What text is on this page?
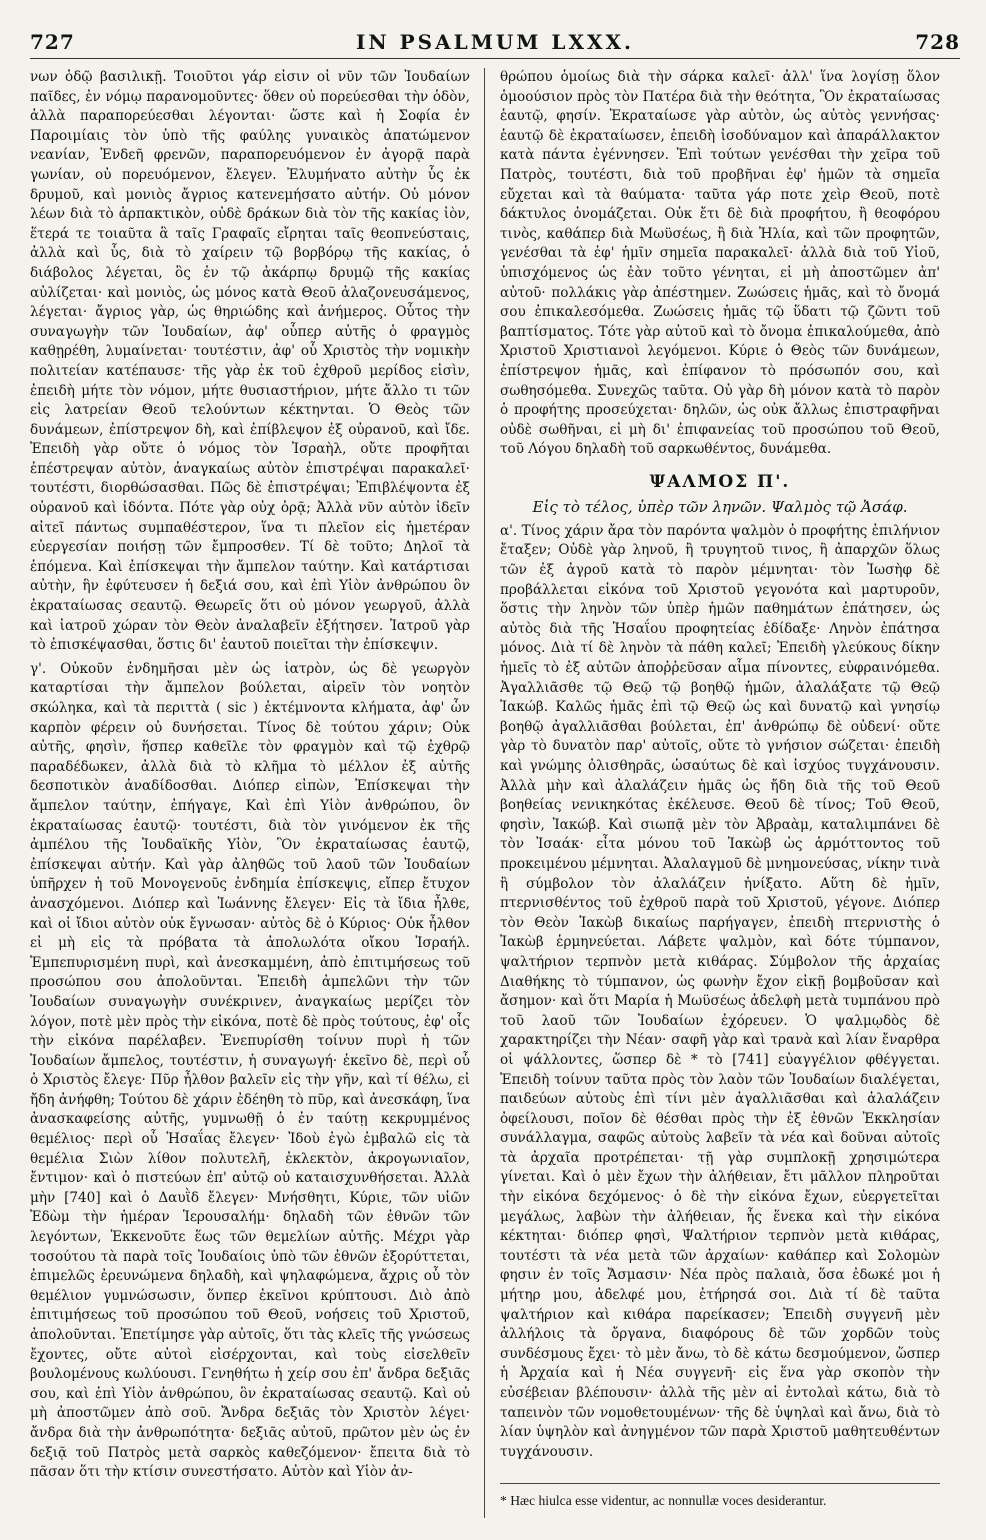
727	IN PSALMUM LXXX.	728

νων ὁδῷ βασιλικῇ. Τοιοῦτοι γάρ εἰσιν οἱ νῦν τῶν Ἰουδαίων παῖδες, ἐν νόμῳ παρανομοῦντες· ὅθεν οὐ πορεύεσθαι τὴν ὁδὸν, ἀλλὰ παραπορεύεσθαι λέγονται· ὥστε καὶ ἡ Σοφία ἐν Παροιμίαις τὸν ὑπὸ τῆς φαύλης γυναικὸς ἀπατώμενον νεανίαν, Ἐνδεῆ φρενῶν, παραπορευόμενον ἐν ἀγορᾷ παρὰ γωνίαν, οὐ πορευόμενον, ἔλεγεν. Ἐλυμήνατο αὐτὴν ὗς ἐκ δρυμοῦ, καὶ μονιὸς ἄγριος κατενεμήσατο αὐτήν. Οὐ μόνον λέων διὰ τὸ ἁρπακτικὸν, οὐδὲ δράκων διὰ τὸν τῆς κακίας ἰὸν, ἕτερά τε τοιαῦτα ἃ ταῖς Γραφαῖς εἴρηται ταῖς θεοπνεύσταις, ἀλλὰ καὶ ὗς, διὰ τὸ χαίρειν τῷ βορβόρῳ τῆς κακίας, ὁ διάβολος λέγεται, ὃς ἐν τῷ ἀκάρπῳ δρυμῷ τῆς κακίας αὐλίζεται· καὶ μονιὸς, ὡς μόνος κατὰ Θεοῦ ἀλαζονευσάμενος, λέγεται· ἄγριος γὰρ, ὡς θηριώδης καὶ ἀνήμερος. Οὗτος τὴν συναγωγὴν τῶν Ἰουδαίων, ἀφ' οὗπερ αὐτῆς ὁ φραγμὸς καθῃρέθη, λυμαίνεται· τουτέστιν, ἀφ' οὗ Χριστὸς τὴν νομικὴν πολιτείαν κατέπαυσε· τῆς γὰρ ἐκ τοῦ ἐχθροῦ μερίδος εἰσὶν, ἐπειδὴ μήτε τὸν νόμον, μήτε θυσιαστήριον, μήτε ἄλλο τι τῶν εἰς λατρείαν Θεοῦ τελούντων κέκτηνται. Ὁ Θεὸς τῶν δυνάμεων, ἐπίστρεψον δὴ, καὶ ἐπίβλεψον ἐξ οὐρανοῦ, καὶ ἴδε. Ἐπειδὴ γὰρ οὔτε ὁ νόμος τὸν Ἰσραὴλ, οὔτε προφῆται ἐπέστρεψαν αὐτὸν, ἀναγκαίως αὐτὸν ἐπιστρέψαι παρακαλεῖ· τουτέστι, διορθώσασθαι. Πῶς δὲ ἐπιστρέψαι; Ἐπιβλέψοντα ἐξ οὐρανοῦ καὶ ἰδόντα. Πότε γὰρ οὐχ ὁρᾷ; Ἀλλὰ νῦν αὐτὸν ἰδεῖν αἰτεῖ πάντως συμπαθέστερον, ἵνα τι πλεῖον εἰς ἡμετέραν εὐεργεσίαν ποιήσῃ τῶν ἔμπροσθεν. Τί δὲ τοῦτο; Δηλοῖ τὰ ἑπόμενα. Καὶ ἐπίσκεψαι τὴν ἄμπελον ταύτην. Καὶ κατάρτισαι αὐτὴν, ἣν ἐφύτευσεν ἡ δεξιά σου, καὶ ἐπὶ Υἱὸν ἀνθρώπου ὃν ἐκραταίωσας σεαυτῷ. Θεωρεῖς ὅτι οὐ μόνον γεωργοῦ, ἀλλὰ καὶ ἰατροῦ χώραν τὸν Θεὸν ἀναλαβεῖν ἐξήτησεν. Ἰατροῦ γὰρ τὸ ἐπισκέψασθαι, ὅστις δι' ἑαυτοῦ ποιεῖται τὴν ἐπίσκεψιν.

γ'. Οὐκοῦν ἐνδημῆσαι μὲν ὡς ἰατρὸν, ὡς δὲ γεωργὸν καταρτίσαι τὴν ἄμπελον βούλεται, αἱρεῖν τὸν νοητὸν σκώληκα, καὶ τὰ περιττὰ ( sic ) ἐκτέμνοντα κλήματα, ἀφ' ὧν καρπὸν φέρειν οὐ δυνήσεται. Τίνος δὲ τούτου χάριν; Οὐκ αὐτῆς, φησὶν, ἥσπερ καθεῖλε τὸν φραγμὸν καὶ τῷ ἐχθρῷ παραδέδωκεν, ἀλλὰ διὰ τὸ κλῆμα τὸ μέλλον ἐξ αὐτῆς δεσποτικὸν ἀναδίδοσθαι. Διόπερ εἰπὼν, Ἐπίσκεψαι τὴν ἄμπελον ταύτην, ἐπήγαγε, Καὶ ἐπὶ Υἱὸν ἀνθρώπου, ὃν ἐκραταίωσας ἑαυτῷ· τουτέστι, διὰ τὸν γινόμενον ἐκ τῆς ἀμπέλου τῆς Ἰουδαϊκῆς Υἱὸν, Ὃν ἐκραταίωσας ἑαυτῷ, ἐπίσκεψαι αὐτήν. Καὶ γὰρ ἀληθῶς τοῦ λαοῦ τῶν Ἰουδαίων ὑπῆρχεν ἡ τοῦ Μονογενοῦς ἐνδημία ἐπίσκεψις, εἴπερ ἔτυχον ἀνασχόμενοι. Διόπερ καὶ Ἰωάννης ἔλεγεν· Εἰς τὰ ἴδια ἦλθε, καὶ οἱ ἴδιοι αὐτὸν οὐκ ἔγνωσαν· αὐτὸς δὲ ὁ Κύριος· Οὐκ ἦλθον εἰ μὴ εἰς τὰ πρόβατα τὰ ἀπολωλότα οἴκου Ἰσραήλ. Ἐμπεπυρισμένη πυρὶ, καὶ ἀνεσκαμμένη, ἀπὸ ἐπιτιμήσεως τοῦ προσώπου σου ἀπολοῦνται. Ἐπειδὴ ἀμπελῶνι τὴν τῶν Ἰουδαίων συναγωγὴν συνέκρινεν, ἀναγκαίως μερίζει τὸν λόγον, ποτὲ μὲν πρὸς τὴν εἰκόνα, ποτὲ δὲ πρὸς τούτους, ἐφ' οἷς τὴν εἰκόνα παρέλαβεν. Ἐνεπυρίσθη τοίνυν πυρὶ ἡ τῶν Ἰουδαίων ἄμπελος, τουτέστιν, ἡ συναγωγή· ἐκεῖνο δὲ, περὶ οὗ ὁ Χριστὸς ἔλεγε· Πῦρ ἦλθον βαλεῖν εἰς τὴν γῆν, καὶ τί θέλω, εἰ ἤδη ἀνήφθη; Τούτου δὲ χάριν ἐδέηθη τὸ πῦρ, καὶ ἀνεσκάφη, ἵνα ἀνασκαφείσης αὐτῆς, γυμνωθῇ ὁ ἐν ταύτῃ κεκρυμμένος θεμέλιος· περὶ οὗ Ἡσαΐας ἔλεγεν· Ἰδοὺ ἐγὼ ἐμβαλῶ εἰς τὰ θεμέλια Σιὼν λίθον πολυτελῆ, ἐκλεκτὸν, ἀκρογωνιαῖον, ἔντιμον· καὶ ὁ πιστεύων ἐπ' αὐτῷ οὐ καταισχυνθήσεται. Ἀλλὰ μὴν [740] καὶ ὁ Δαυῒδ ἔλεγεν· Μνήσθητι, Κύριε, τῶν υἱῶν Ἐδὼμ τὴν ἡμέραν Ἱερουσαλήμ· δηλαδὴ τῶν ἐθνῶν τῶν λεγόντων, Ἐκκενοῦτε ἕως τῶν θεμελίων αὐτῆς. Μέχρι γὰρ τοσούτου τὰ παρὰ τοῖς Ἰουδαίοις ὑπὸ τῶν ἐθνῶν ἐξορύττεται, ἐπιμελῶς ἐρευνώμενα δηλαδὴ, καὶ ψηλαφώμενα, ἄχρις οὗ τὸν θεμέλιον γυμνώσωσιν, ὅνπερ ἐκεῖνοι κρύπτουσι. Διὸ ἀπὸ ἐπιτιμήσεως τοῦ προσώπου τοῦ Θεοῦ, νοήσεις τοῦ Χριστοῦ, ἀπολοῦνται. Ἐπετίμησε γὰρ αὐτοῖς, ὅτι τὰς κλεῖς τῆς γνώσεως ἔχοντες, οὔτε αὐτοὶ εἰσέρχονται, καὶ τοὺς εἰσελθεῖν βουλομένους κωλύουσι. Γενηθήτω ἡ χείρ σου ἐπ' ἄνδρα δεξιᾶς σου, καὶ ἐπὶ Υἱὸν ἀνθρώπου, ὃν ἐκραταίωσας σεαυτῷ. Καὶ οὐ μὴ ἀποστῶμεν ἀπὸ σοῦ. Ἄνδρα δεξιᾶς τὸν Χριστὸν λέγει· ἄνδρα διὰ τὴν ἀνθρωπότητα· δεξιᾶς αὐτοῦ, πρῶτον μὲν ὡς ἐν δεξιᾷ τοῦ Πατρὸς μετὰ σαρκὸς καθεζόμενον· ἔπειτα διὰ τὸ πᾶσαν ὅτι τὴν κτίσιν συνεστήσατο. Αὐτὸν καὶ Υἱὸν ἀν-

θρώπου ὁμοίως διὰ τὴν σάρκα καλεῖ· ἀλλ' ἵνα λογίσῃ ὅλον ὁμοούσιον πρὸς τὸν Πατέρα διὰ τὴν θεότητα, Ὃν ἐκραταίωσας ἑαυτῷ, φησίν. Ἐκραταίωσε γὰρ αὐτὸν, ὡς αὐτὸς γεννήσας· ἑαυτῷ δὲ ἐκραταίωσεν, ἐπειδὴ ἰσοδύναμον καὶ ἀπαράλλακτον κατὰ πάντα ἐγέννησεν. Ἐπὶ τούτων γενέσθαι τὴν χεῖρα τοῦ Πατρὸς, τουτέστι, διὰ τοῦ προβῆναι ἐφ' ἡμῶν τὰ σημεῖα εὔχεται καὶ τὰ θαύματα· ταῦτα γάρ ποτε χεὶρ Θεοῦ, ποτὲ δάκτυλος ὀνομάζεται. Οὐκ ἔτι δὲ διὰ προφήτου, ἢ θεοφόρου τινὸς, καθάπερ διὰ Μωϋσέως, ἢ διὰ Ἠλία, καὶ τῶν προφητῶν, γενέσθαι τὰ ἐφ' ἡμῖν σημεῖα παρακαλεῖ· ἀλλὰ διὰ τοῦ Υἱοῦ, ὑπισχόμενος ὡς ἐὰν τοῦτο γένηται, εἰ μὴ ἀποστῶμεν ἀπ' αὐτοῦ· πολλάκις γὰρ ἀπέστημεν. Ζωώσεις ἡμᾶς, καὶ τὸ ὄνομά σου ἐπικαλεσόμεθα. Ζωώσεις ἡμᾶς τῷ ὕδατι τῷ ζῶντι τοῦ βαπτίσματος. Τότε γὰρ αὐτοῦ καὶ τὸ ὄνομα ἐπικαλούμεθα, ἀπὸ Χριστοῦ Χριστιανοὶ λεγόμενοι. Κύριε ὁ Θεὸς τῶν δυνάμεων, ἐπίστρεψον ἡμᾶς, καὶ ἐπίφανον τὸ πρόσωπόν σου, καὶ σωθησόμεθα. Συνεχῶς ταῦτα. Οὐ γὰρ δὴ μόνον κατὰ τὸ παρὸν ὁ προφήτης προσεύχεται· δηλῶν, ὡς οὐκ ἄλλως ἐπιστραφῆναι οὐδὲ σωθῆναι, εἰ μὴ δι' ἐπιφανείας τοῦ προσώπου τοῦ Θεοῦ, τοῦ Λόγου δηλαδὴ τοῦ σαρκωθέντος, δυνάμεθα.

ΨΑΛΜΟΣ Π'.
Εἰς τὸ τέλος, ὑπὲρ τῶν ληνῶν. Ψαλμὸς τῷ Ἀσάφ.

α'. Τίνος χάριν ἄρα τὸν παρόντα ψαλμὸν ὁ προφήτης ἐπιλήνιον ἔταξεν; Οὐδὲ γὰρ ληνοῦ, ἢ τρυγητοῦ τινος, ἢ ἀπαρχῶν ὅλως τῶν ἐξ ἀγροῦ κατὰ τὸ παρὸν μέμνηται· τὸν Ἰωσὴφ δὲ προβάλλεται εἰκόνα τοῦ Χριστοῦ γεγονότα καὶ μαρτυροῦν, ὅστις τὴν ληνὸν τῶν ὑπὲρ ἡμῶν παθημάτων ἐπάτησεν, ὡς αὐτὸς διὰ τῆς Ἡσαΐου προφητείας ἐδίδαξε· Ληνὸν ἐπάτησα μόνος. Διὰ τί δὲ ληνὸν τὰ πάθη καλεῖ; Ἐπειδὴ γλεύκους δίκην ἡμεῖς τὸ ἐξ αὐτῶν ἀποῤῥεῦσαν αἷμα πίνοντες, εὐφραινόμεθα. Ἀγαλλιᾶσθε τῷ Θεῷ τῷ βοηθῷ ἡμῶν, ἀλαλάξατε τῷ Θεῷ Ἰακώβ. Καλῶς ἡμᾶς ἐπὶ τῷ Θεῷ ὡς καὶ δυνατῷ καὶ γνησίῳ βοηθῷ ἀγαλλιᾶσθαι βούλεται, ἐπ' ἀνθρώπῳ δὲ οὐδενί· οὔτε γὰρ τὸ δυνατὸν παρ' αὐτοῖς, οὔτε τὸ γνήσιον σώζεται· ἐπειδὴ καὶ γνώμης ὀλισθηρᾶς, ὡσαύτως δὲ καὶ ἰσχύος τυγχάνουσιν. Ἀλλὰ μὴν καὶ ἀλαλάζειν ἡμᾶς ὡς ἤδη διὰ τῆς τοῦ Θεοῦ βοηθείας νενικηκότας ἐκέλευσε. Θεοῦ δὲ τίνος; Τοῦ Θεοῦ, φησὶν, Ἰακώβ. Καὶ σιωπᾷ μὲν τὸν Ἀβραὰμ, καταλιμπάνει δὲ τὸν Ἰσαάκ· εἶτα μόνου τοῦ Ἰακὼβ ὡς ἁρμόττοντος τοῦ προκειμένου μέμνηται. Ἀλαλαγμοῦ δὲ μνημονεύσας, νίκην τινὰ ἢ σύμβολον τὸν ἀλαλάζειν ἠνίξατο. Αὕτη δὲ ἡμῖν, πτερνισθέντος τοῦ ἐχθροῦ παρὰ τοῦ Χριστοῦ, γέγονε. Διόπερ τὸν Θεὸν Ἰακὼβ δικαίως παρήγαγεν, ἐπειδὴ πτερνιστὴς ὁ Ἰακὼβ ἑρμηνεύεται. Λάβετε ψαλμὸν, καὶ δότε τύμπανον, ψαλτήριον τερπνὸν μετὰ κιθάρας. Σύμβολον τῆς ἀρχαίας Διαθήκης τὸ τύμπανον, ὡς φωνὴν ἔχον εἰκῇ βομβοῦσαν καὶ ἄσημον· καὶ ὅτι Μαρία ἡ Μωϋσέως ἀδελφὴ μετὰ τυμπάνου πρὸ τοῦ λαοῦ τῶν Ἰουδαίων ἐχόρευεν. Ὁ ψαλμῳδὸς δὲ χαρακτηρίζει τὴν Νέαν· σαφῆ γὰρ καὶ τρανὰ καὶ λίαν ἔναρθρα οἱ ψάλλοντες, ὥσπερ δὲ * τὸ [741] εὐαγγέλιον φθέγγεται. Ἐπειδὴ τοίνυν ταῦτα πρὸς τὸν λαὸν τῶν Ἰουδαίων διαλέγεται, παιδεύων αὐτοὺς ἐπὶ τίνι μὲν ἀγαλλιᾶσθαι καὶ ἀλαλάζειν ὀφείλουσι, ποῖον δὲ θέσθαι πρὸς τὴν ἐξ ἐθνῶν Ἐκκλησίαν συνάλλαγμα, σαφῶς αὐτοὺς λαβεῖν τὰ νέα καὶ δοῦναι αὐτοῖς τὰ ἀρχαῖα προτρέπεται· τῇ γὰρ συμπλοκῇ χρησιμώτερα γίνεται. Καὶ ὁ μὲν ἔχων τὴν ἀλήθειαν, ἔτι μᾶλλον πληροῦται τὴν εἰκόνα δεχόμενος· ὁ δὲ τὴν εἰκόνα ἔχων, εὐεργετεῖται μεγάλως, λαβὼν τὴν ἀλήθειαν, ἧς ἕνεκα καὶ τὴν εἰκόνα κέκτηται· διόπερ φησὶ, Ψαλτήριον τερπνὸν μετὰ κιθάρας, τουτέστι τὰ νέα μετὰ τῶν ἀρχαίων· καθάπερ καὶ Σολομὼν φησιν ἐν τοῖς Ἄσμασιν· Νέα πρὸς παλαιὰ, ὅσα ἐδωκέ μοι ἡ μήτηρ μου, ἀδελφέ μου, ἐτήρησά σοι. Διὰ τί δὲ ταῦτα ψαλτήριον καὶ κιθάρα παρείκασεν; Ἐπειδὴ συγγενῆ μὲν ἀλλήλοις τὰ ὄργανα, διαφόρους δὲ τῶν χορδῶν τοὺς συνδέσμους ἔχει· τὸ μὲν ἄνω, τὸ δὲ κάτω δεσμούμενον, ὥσπερ ἡ Ἀρχαία καὶ ἡ Νέα συγγενῆ· εἰς ἕνα γὰρ σκοπὸν τὴν εὐσέβειαν βλέπουσιν· ἀλλὰ τῆς μὲν αἱ ἐντολαὶ κάτω, διὰ τὸ ταπεινὸν τῶν νομοθετουμένων· τῆς δὲ ὑψηλαὶ καὶ ἄνω, διὰ τὸ λίαν ὑψηλὸν καὶ ἀνηγμένον τῶν παρὰ Χριστοῦ μαθητευθέντων τυγχάνουσιν.

* Hæc hiulca esse videntur, ac nonnullæ voces desiderantur.
